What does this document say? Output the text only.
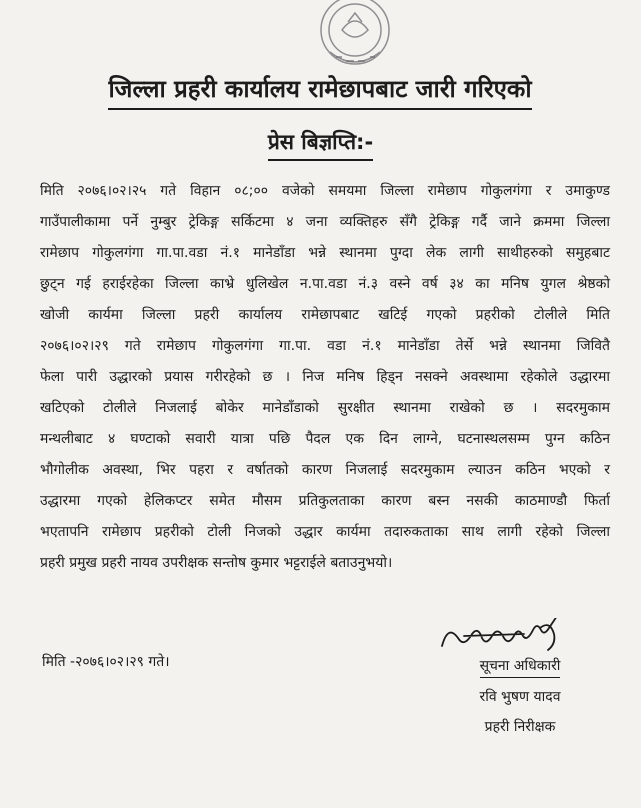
जिल्ला प्रहरी कार्यालय रामेछापबाट जारी गरिएको
प्रेस बिज्ञप्ति:-
मिति २०७६।०२।२५ गते विहान ०८;०० वजेको समयमा जिल्ला रामेछाप गोकुलगंगा र उमाकुण्ड
गाउँपालीकामा पर्ने नुम्बुर ट्रेकिङ्ग सर्किटमा ४ जना व्यक्तिहरु सँगै ट्रेकिङ्ग गर्दै जाने क्रममा जिल्ला
रामेछाप गोकुलगंगा गा.पा.वडा नं.१ मानेडाँडा भन्ने स्थानमा पुग्दा लेक लागी साथीहरुको समुहबाट
छुट्न गई हराईरहेका जिल्ला काभ्रे धुलिखेल न.पा.वडा नं.३ वस्ने वर्ष ३४ का मनिष युगल श्रेष्ठको
खोजी कार्यमा जिल्ला प्रहरी कार्यालय रामेछापबाट खटिई गएको प्रहरीको टोलीले मिति
२०७६।०२।२९ गते रामेछाप गोकुलगंगा गा.पा. वडा नं.१ मानेडाँडा तेर्से भन्ने स्थानमा जिवितै
फेला पारी उद्धारको प्रयास गरीरहेको छ । निज मनिष हिड्न नसक्ने अवस्थामा रहेकोले उद्धारमा
खटिएको टोलीले निजलाई बोकेर मानेडाँडाको सुरक्षीत स्थानमा राखेको छ । सदरमुकाम
मन्थलीबाट ४ घण्टाको सवारी यात्रा पछि पैदल एक दिन लाग्ने, घटनास्थलसम्म पुग्न कठिन
भौगोलीक अवस्था, भिर पहरा र वर्षातको कारण निजलाई सदरमुकाम ल्याउन कठिन भएको र
उद्धारमा गएको हेलिकप्टर समेत मौसम प्रतिकुलताका कारण बस्न नसकी काठमाण्डौ फिर्ता
भएतापनि रामेछाप प्रहरीको टोली निजको उद्धार कार्यमा तदारुकताका साथ लागी रहेको जिल्ला
प्रहरी प्रमुख प्रहरी नायव उपरीक्षक सन्तोष कुमार भट्टराईले बताउनुभयो।
मिति -२०७६।०२।२९ गते।	सूचना अधिकारी
रवि भुषण यादव
प्रहरी निरीक्षक
